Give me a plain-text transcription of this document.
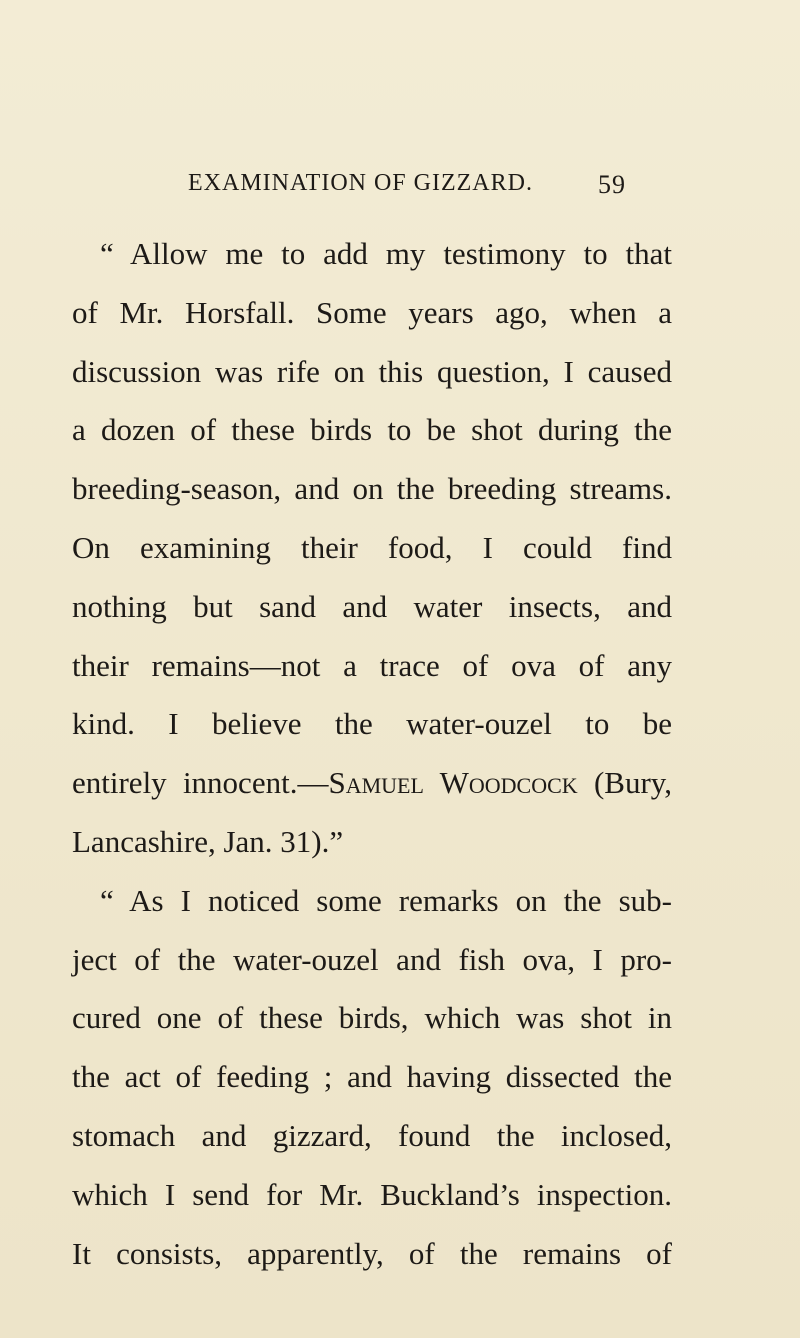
EXAMINATION OF GIZZARD.	59
“ Allow me to add my testimony to that
of Mr. Horsfall. Some years ago, when a
discussion was rife on this question, I caused
a dozen of these birds to be shot during the
breeding-season, and on the breeding streams.
On examining their food, I could find
nothing but sand and water insects, and
their remains—not a trace of ova of any
kind. I believe the water-ouzel to be
entirely innocent.—Samuel Woodcock (Bury,
Lancashire, Jan. 31).”
“ As I noticed some remarks on the sub-
ject of the water-ouzel and fish ova, I pro-
cured one of these birds, which was shot in
the act of feeding ; and having dissected the
stomach and gizzard, found the inclosed,
which I send for Mr. Buckland’s inspection.
It consists, apparently, of the remains of
